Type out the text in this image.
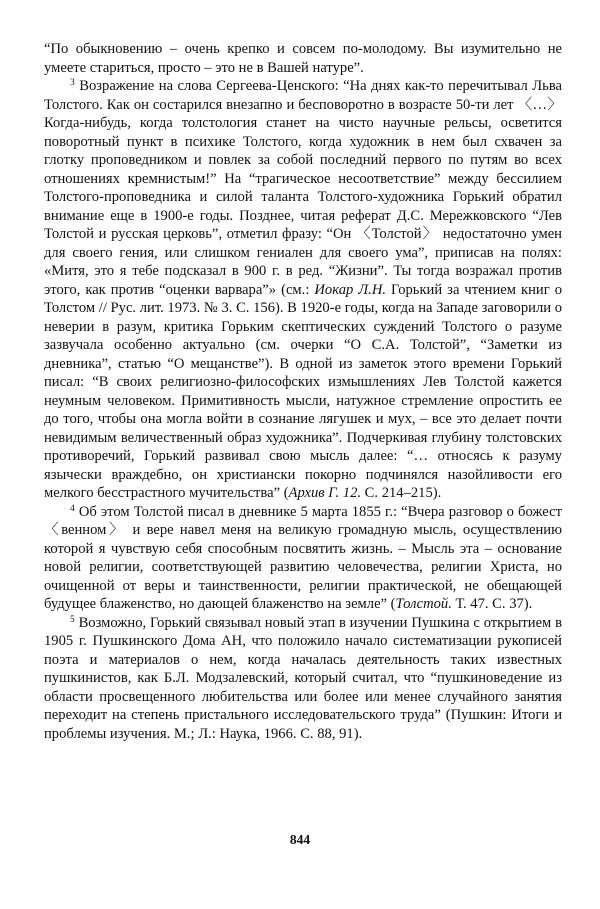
“По обыкновению – очень крепко и совсем по-молодому. Вы изумительно не умеете стариться, просто – это не в Вашей натуре”.

$^3$ Возражение на слова Сергеева-Ценского: “На днях как-то перечитывал Льва Толстого. Как он состарился внезапно и бесповоротно в возрасте 50-ти лет 〈…〉 Когда-нибудь, когда толстология станет на чисто научные рельсы, осветится поворотный пункт в психике Толстого, когда художник в нем был схвачен за глотку проповедником и повлек за собой последний первого по путям во всех отношениях кремнистым!” На “трагическое несоответствие” между бессилием Толстого-проповедника и силой таланта Толстого-художника Горький обратил внимание еще в 1900-е годы. Позднее, читая реферат Д.С. Мережковского “Лев Толстой и русская церковь”, отметил фразу: “Он 〈Толстой〉 недостаточно умен для своего гения, или слишком гениален для своего ума”, приписав на полях: «Митя, это я тебе подсказал в 900 г. в ред. “Жизни”. Ты тогда возражал против этого, как против “оценки варвара”» (см.: Иокар Л.Н. Горький за чтением книг о Толстом // Рус. лит. 1973. № 3. С. 156). В 1920-е годы, когда на Западе заговорили о неверии в разум, критика Горьким скептических суждений Толстого о разуме зазвучала особенно актуально (см. очерки “О С.А. Толстой”, “Заметки из дневника”, статью “О мещанстве”). В одной из заметок этого времени Горький писал: “В своих религиозно-философских измышлениях Лев Толстой кажется неумным человеком. Примитивность мысли, натужное стремление опростить ее до того, чтобы она могла войти в сознание лягушек и мух, – все это делает почти невидимым величественный образ художника”. Подчеркивая глубину толстовских противоречий, Горький развивал свою мысль далее: “… относясь к разуму язычески враждебно, он христиански покорно подчинялся назойливости его мелкого бесстрастного мучительства” (Архив Г. 12. С. 214–215).

$^4$ Об этом Толстой писал в дневнике 5 марта 1855 г.: “Вчера разговор о божест〈венном〉 и вере навел меня на великую громадную мысль, осуществлению которой я чувствую себя способным посвятить жизнь. – Мысль эта – основание новой религии, соответствующей развитию человечества, религии Христа, но очищенной от веры и таинственности, религии практической, не обещающей будущее блаженство, но дающей блаженство на земле” (Толстой. Т. 47. С. 37).

$^5$ Возможно, Горький связывал новый этап в изучении Пушкина с открытием в 1905 г. Пушкинского Дома АН, что положило начало систематизации рукописей поэта и материалов о нем, когда началась деятельность таких известных пушкинистов, как Б.Л. Модзалевский, который считал, что “пушкиноведение из области просвещенного любительства или более или менее случайного занятия переходит на степень пристального исследовательского труда” (Пушкин: Итоги и проблемы изучения. М.; Л.: Наука, 1966. С. 88, 91).

844
